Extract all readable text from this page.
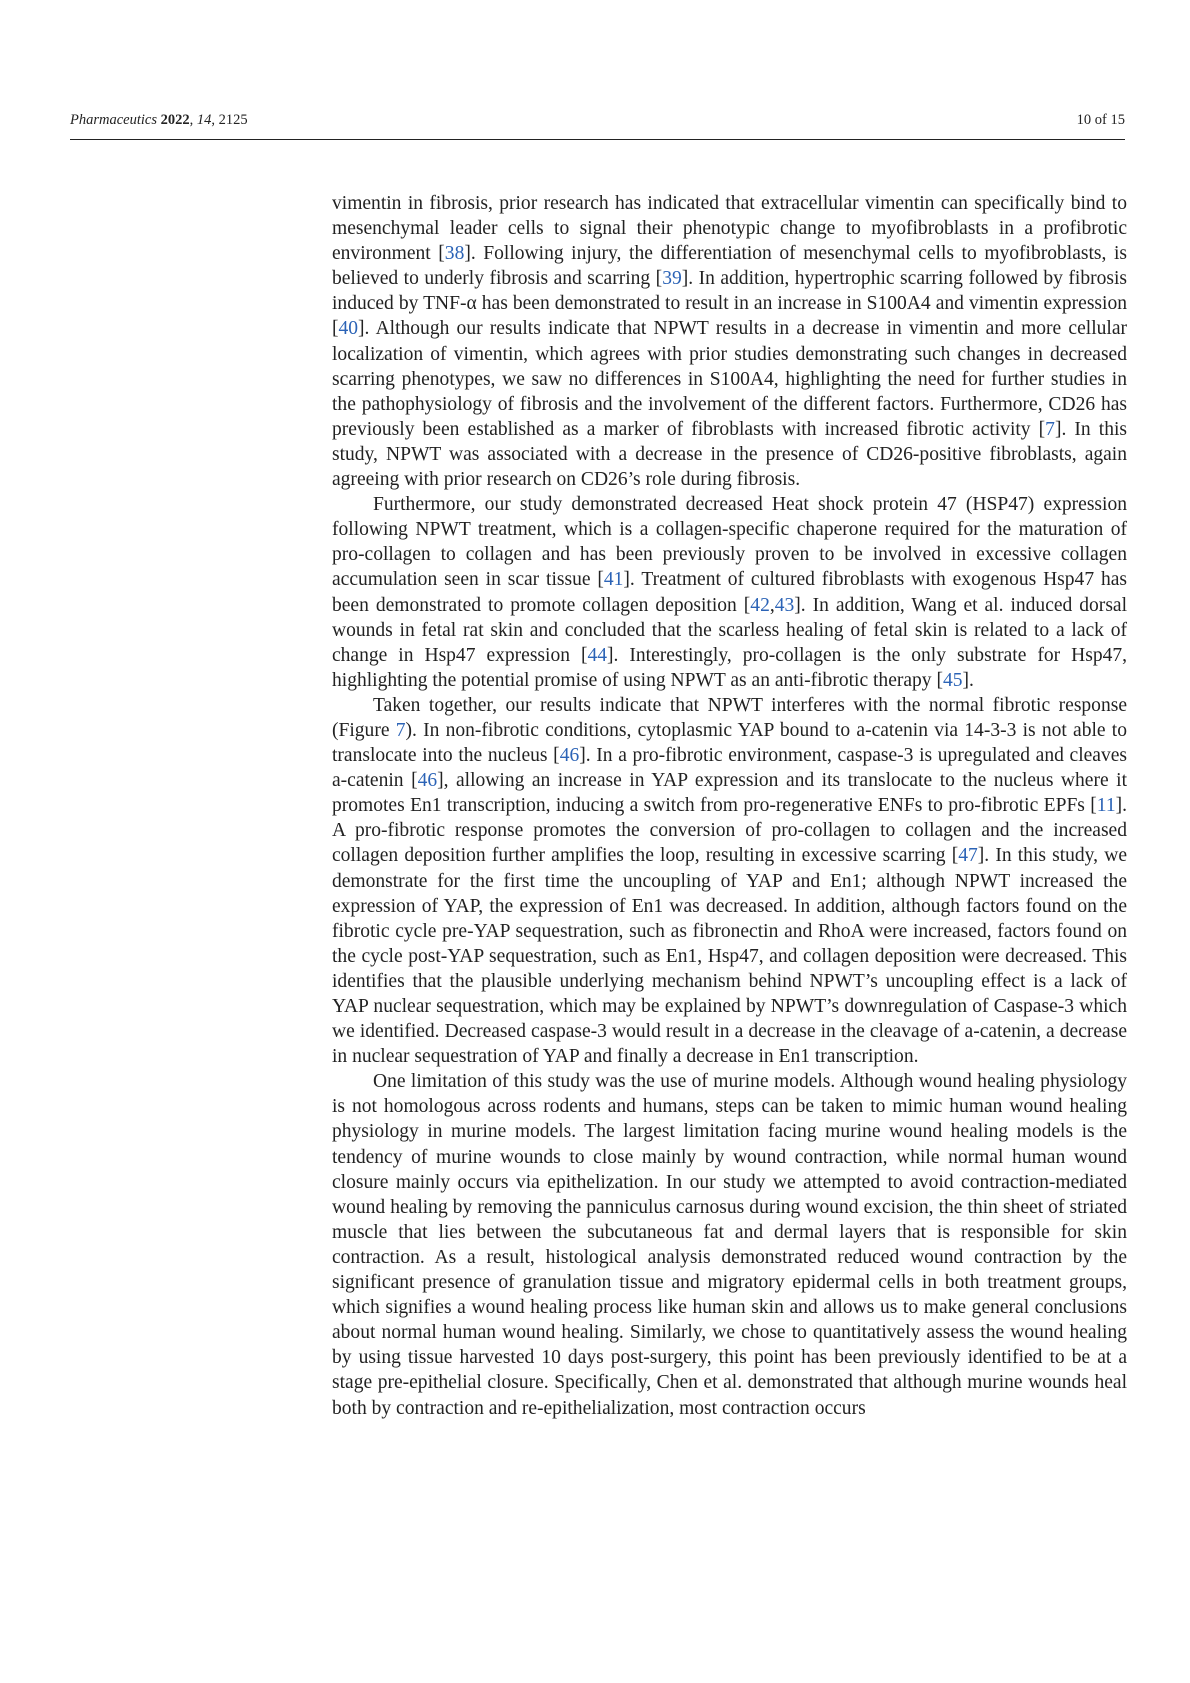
Pharmaceutics 2022, 14, 2125	10 of 15

vimentin in fibrosis, prior research has indicated that extracellular vimentin can specifically bind to mesenchymal leader cells to signal their phenotypic change to myofibroblasts in a profibrotic environment [38]. Following injury, the differentiation of mesenchymal cells to myofibroblasts, is believed to underly fibrosis and scarring [39]. In addition, hypertrophic scarring followed by fibrosis induced by TNF-α has been demonstrated to result in an increase in S100A4 and vimentin expression [40]. Although our results indicate that NPWT results in a decrease in vimentin and more cellular localization of vimentin, which agrees with prior studies demonstrating such changes in decreased scarring phenotypes, we saw no differences in S100A4, highlighting the need for further studies in the pathophysiology of fibrosis and the involvement of the different factors. Furthermore, CD26 has previously been established as a marker of fibroblasts with increased fibrotic activity [7]. In this study, NPWT was associated with a decrease in the presence of CD26-positive fibroblasts, again agreeing with prior research on CD26’s role during fibrosis.

Furthermore, our study demonstrated decreased Heat shock protein 47 (HSP47) expression following NPWT treatment, which is a collagen-specific chaperone required for the maturation of pro-collagen to collagen and has been previously proven to be involved in excessive collagen accumulation seen in scar tissue [41]. Treatment of cultured fibroblasts with exogenous Hsp47 has been demonstrated to promote collagen deposition [42,43]. In addition, Wang et al. induced dorsal wounds in fetal rat skin and concluded that the scarless healing of fetal skin is related to a lack of change in Hsp47 expression [44]. Interestingly, pro-collagen is the only substrate for Hsp47, highlighting the potential promise of using NPWT as an anti-fibrotic therapy [45].

Taken together, our results indicate that NPWT interferes with the normal fibrotic response (Figure 7). In non-fibrotic conditions, cytoplasmic YAP bound to a-catenin via 14-3-3 is not able to translocate into the nucleus [46]. In a pro-fibrotic environment, caspase-3 is upregulated and cleaves a-catenin [46], allowing an increase in YAP expression and its translocate to the nucleus where it promotes En1 transcription, inducing a switch from pro-regenerative ENFs to pro-fibrotic EPFs [11]. A pro-fibrotic response promotes the conversion of pro-collagen to collagen and the increased collagen deposition further amplifies the loop, resulting in excessive scarring [47]. In this study, we demonstrate for the first time the uncoupling of YAP and En1; although NPWT increased the expression of YAP, the expression of En1 was decreased. In addition, although factors found on the fibrotic cycle pre-YAP sequestration, such as fibronectin and RhoA were increased, factors found on the cycle post-YAP sequestration, such as En1, Hsp47, and collagen deposition were decreased. This identifies that the plausible underlying mechanism behind NPWT’s uncoupling effect is a lack of YAP nuclear sequestration, which may be explained by NPWT’s downregulation of Caspase-3 which we identified. Decreased caspase-3 would result in a decrease in the cleavage of a-catenin, a decrease in nuclear sequestration of YAP and finally a decrease in En1 transcription.

One limitation of this study was the use of murine models. Although wound healing physiology is not homologous across rodents and humans, steps can be taken to mimic human wound healing physiology in murine models. The largest limitation facing murine wound healing models is the tendency of murine wounds to close mainly by wound contraction, while normal human wound closure mainly occurs via epithelization. In our study we attempted to avoid contraction-mediated wound healing by removing the panniculus carnosus during wound excision, the thin sheet of striated muscle that lies between the subcutaneous fat and dermal layers that is responsible for skin contraction. As a result, histological analysis demonstrated reduced wound contraction by the significant presence of granulation tissue and migratory epidermal cells in both treatment groups, which signifies a wound healing process like human skin and allows us to make general conclusions about normal human wound healing. Similarly, we chose to quantitatively assess the wound healing by using tissue harvested 10 days post-surgery, this point has been previously identified to be at a stage pre-epithelial closure. Specifically, Chen et al. demonstrated that although murine wounds heal both by contraction and re-epithelialization, most contraction occurs
